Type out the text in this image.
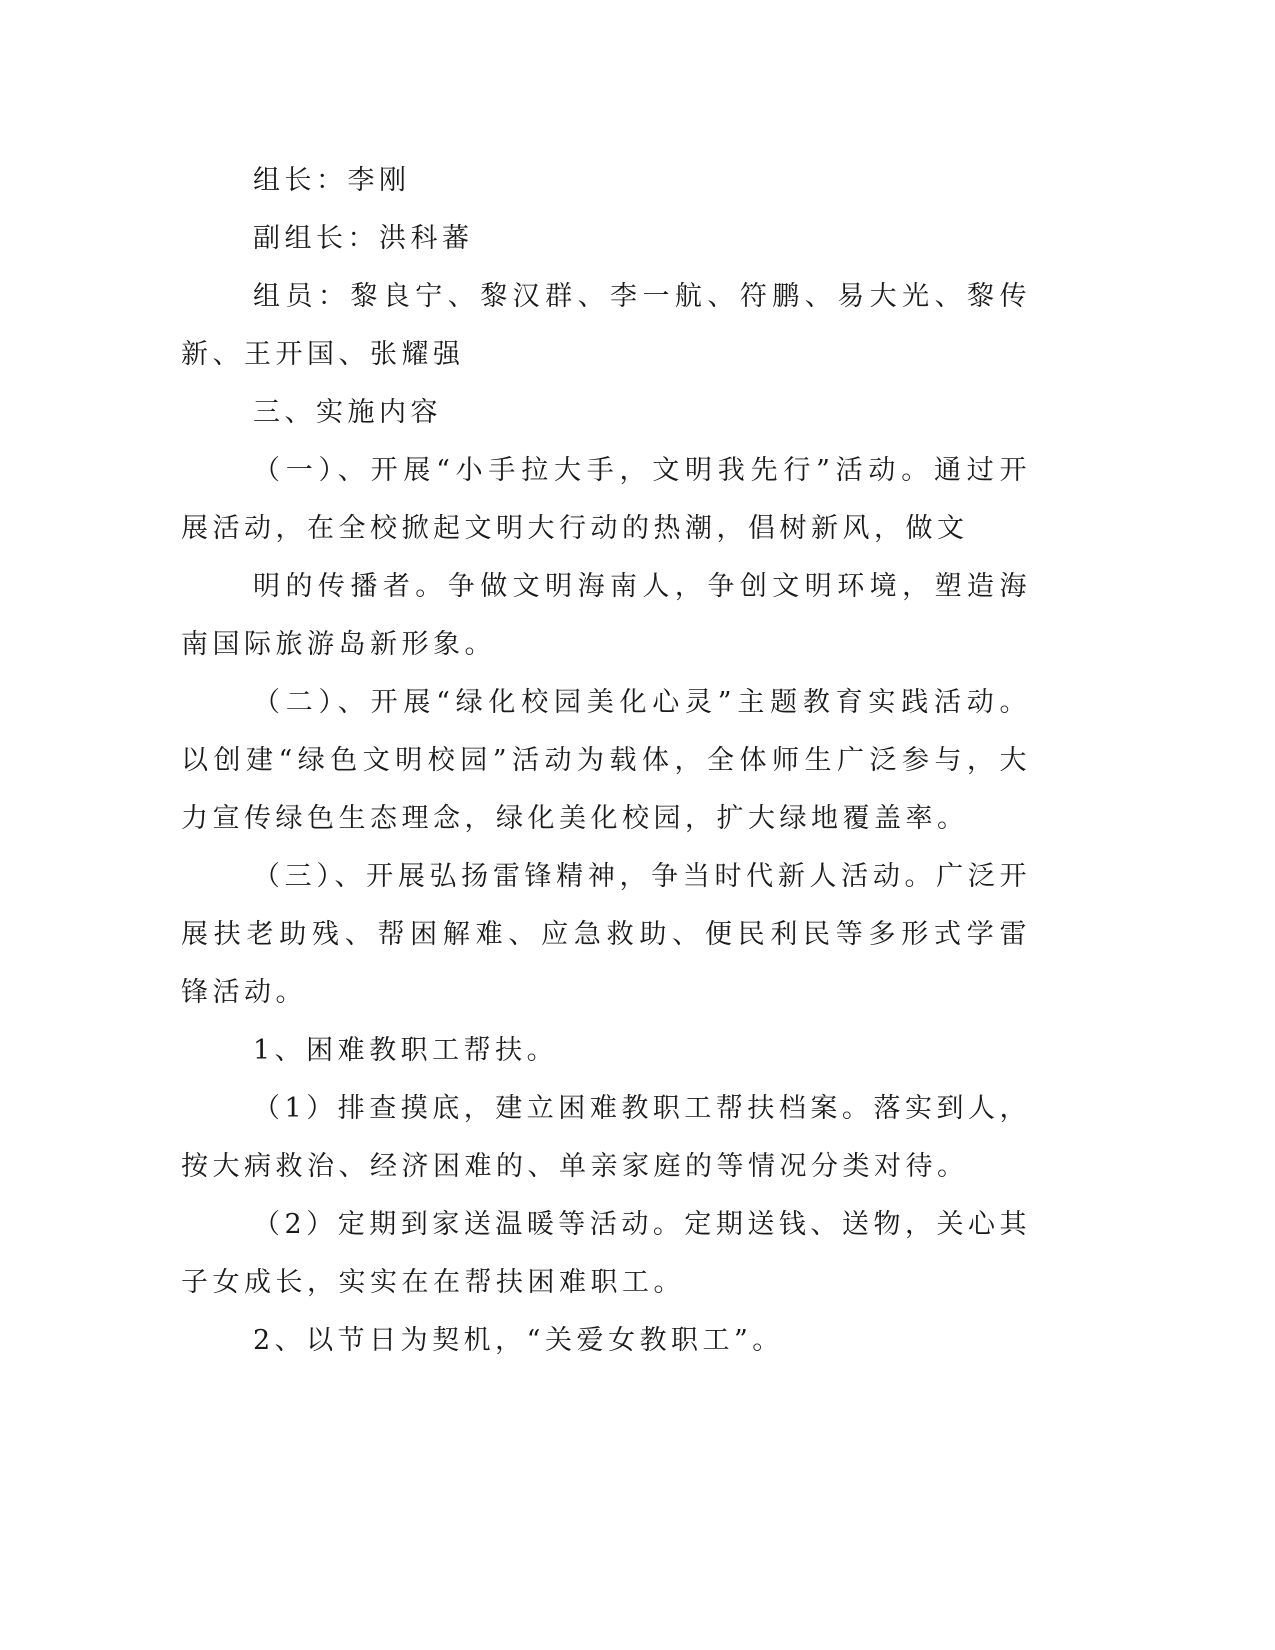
组长：李刚

副组长：洪科蕃

组员：黎良宁、黎汉群、李一航、符鹏、易大光、黎传新、王开国、张耀强

三、实施内容

（一）、开展“小手拉大手，文明我先行”活动。通过开展活动，在全校掀起文明大行动的热潮，倡树新风，做文

明的传播者。争做文明海南人，争创文明环境，塑造海南国际旅游岛新形象。

（二）、开展“绿化校园美化心灵”主题教育实践活动。以创建“绿色文明校园”活动为载体，全体师生广泛参与，大力宣传绿色生态理念，绿化美化校园，扩大绿地覆盖率。

（三）、开展弘扬雷锋精神，争当时代新人活动。广泛开展扶老助残、帮困解难、应急救助、便民利民等多形式学雷锋活动。

1、困难教职工帮扶。

（1）排查摸底，建立困难教职工帮扶档案。落实到人，按大病救治、经济困难的、单亲家庭的等情况分类对待。

（2）定期到家送温暖等活动。定期送钱、送物，关心其子女成长，实实在在帮扶困难职工。

2、以节日为契机，“关爱女教职工”。
